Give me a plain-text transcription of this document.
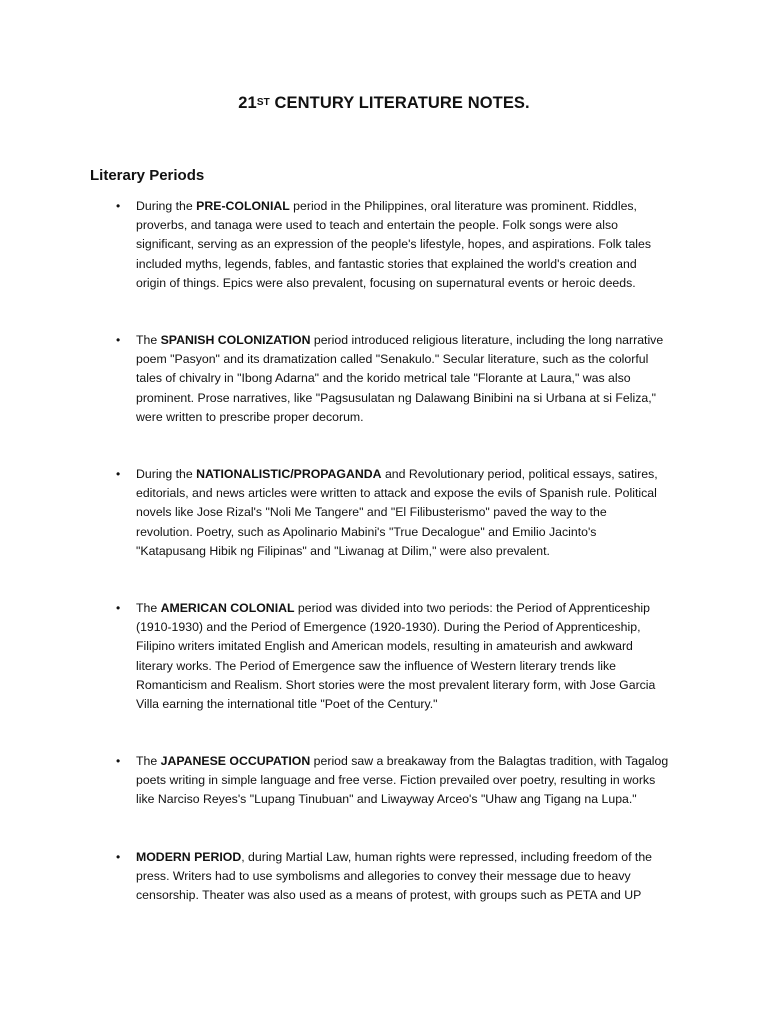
21ST CENTURY LITERATURE NOTES.
Literary Periods
• During the PRE-COLONIAL period in the Philippines, oral literature was prominent. Riddles,
proverbs, and tanaga were used to teach and entertain the people. Folk songs were also
significant, serving as an expression of the people's lifestyle, hopes, and aspirations. Folk tales
included myths, legends, fables, and fantastic stories that explained the world's creation and
origin of things. Epics were also prevalent, focusing on supernatural events or heroic deeds.
• The SPANISH COLONIZATION period introduced religious literature, including the long narrative
poem "Pasyon" and its dramatization called "Senakulo." Secular literature, such as the colorful
tales of chivalry in "Ibong Adarna" and the korido metrical tale "Florante at Laura," was also
prominent. Prose narratives, like "Pagsusulatan ng Dalawang Binibini na si Urbana at si Feliza,"
were written to prescribe proper decorum.
• During the NATIONALISTIC/PROPAGANDA and Revolutionary period, political essays, satires,
editorials, and news articles were written to attack and expose the evils of Spanish rule. Political
novels like Jose Rizal's "Noli Me Tangere" and "El Filibusterismo" paved the way to the
revolution. Poetry, such as Apolinario Mabini's "True Decalogue" and Emilio Jacinto's
"Katapusang Hibik ng Filipinas" and "Liwanag at Dilim," were also prevalent.
• The AMERICAN COLONIAL period was divided into two periods: the Period of Apprenticeship
(1910-1930) and the Period of Emergence (1920-1930). During the Period of Apprenticeship,
Filipino writers imitated English and American models, resulting in amateurish and awkward
literary works. The Period of Emergence saw the influence of Western literary trends like
Romanticism and Realism. Short stories were the most prevalent literary form, with Jose Garcia
Villa earning the international title "Poet of the Century."
• The JAPANESE OCCUPATION period saw a breakaway from the Balagtas tradition, with Tagalog
poets writing in simple language and free verse. Fiction prevailed over poetry, resulting in works
like Narciso Reyes's "Lupang Tinubuan" and Liwayway Arceo's "Uhaw ang Tigang na Lupa."
• MODERN PERIOD, during Martial Law, human rights were repressed, including freedom of the
press. Writers had to use symbolisms and allegories to convey their message due to heavy
censorship. Theater was also used as a means of protest, with groups such as PETA and UP
